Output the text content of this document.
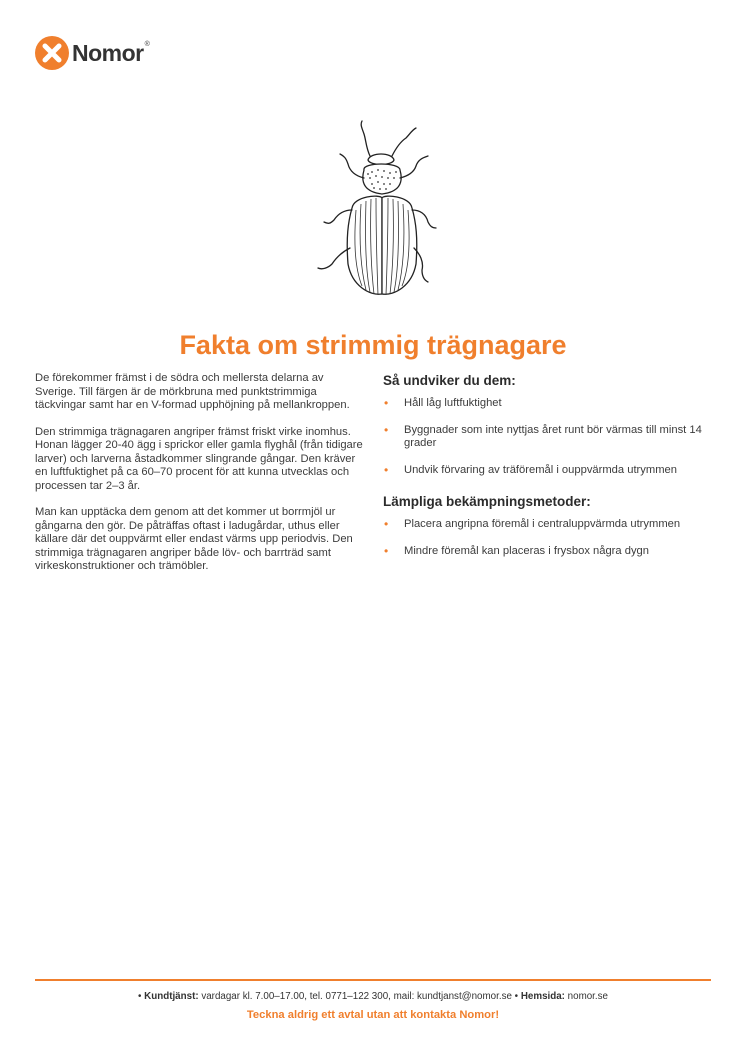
Nomor ®
Fakta om strimmig trägnagare

De förekommer främst i de södra och mellersta delarna av Sverige. Till färgen är de mörkbruna med punktstrimmiga täckvingar samt har en V-formad upphöjning på mellankroppen.

Den strimmiga trägnagaren angriper främst friskt virke inomhus. Honan lägger 20-40 ägg i sprickor eller gamla flyghål (från tidigare larver) och larverna åstadkommer slingrande gångar. Den kräver en luftfuktighet på ca 60–70 procent för att kunna utvecklas och processen tar 2–3 år.

Man kan upptäcka dem genom att det kommer ut borrmjöl ur gångarna den gör. De påträffas oftast i ladugårdar, uthus eller källare där det ouppvärmt eller endast värms upp periodvis. Den strimmiga trägnagaren angriper både löv- och barrträd samt virkeskonstruktioner och trämöbler.

Så undviker du dem:
• Håll låg luftfuktighet
• Byggnader som inte nyttjas året runt bör värmas till minst 14 grader
• Undvik förvaring av träföremål i ouppvärmda utrymmen
Lämpliga bekämpningsmetoder:
• Placera angripna föremål i centraluppvärmda utrymmen
• Mindre föremål kan placeras i frysbox några dygn
• Kundtjänst: vardagar kl. 7.00–17.00, tel. 0771–122 300, mail: kundtjanst@nomor.se • Hemsida: nomor.se
Teckna aldrig ett avtal utan att kontakta Nomor!
